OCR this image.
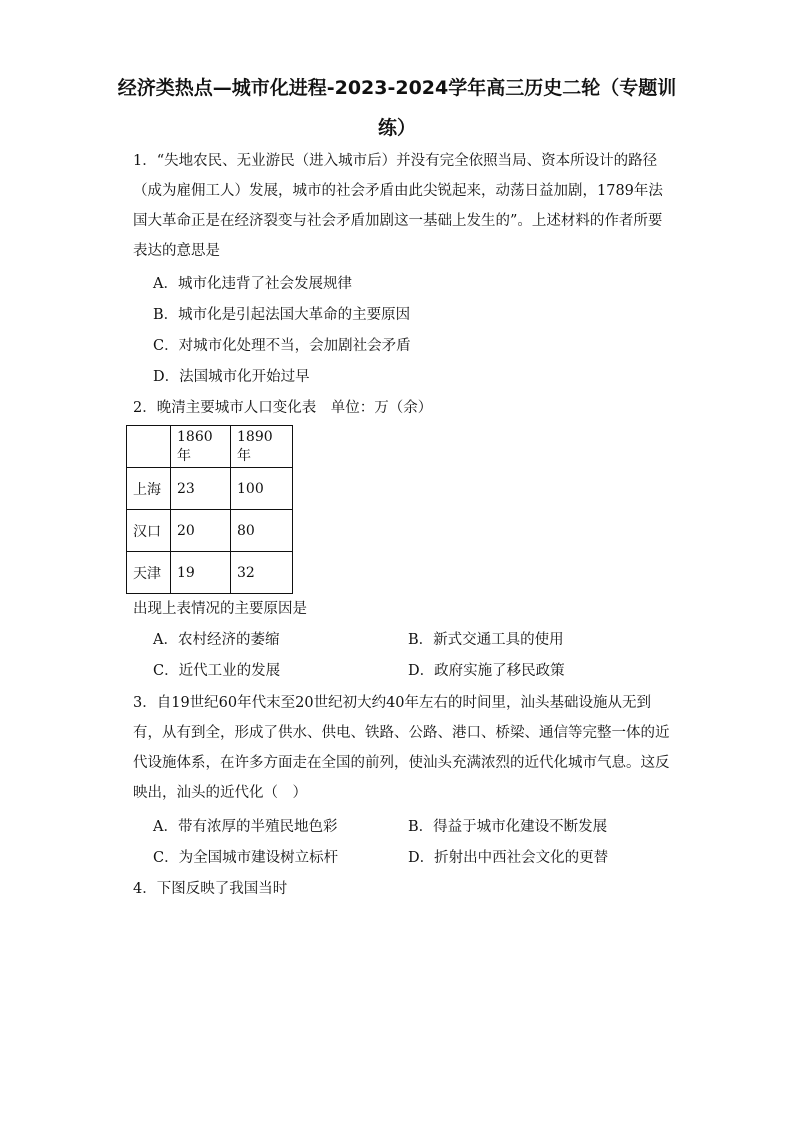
经济类热点—城市化进程-2023-2024学年高三历史二轮（专题训练）
1．“失地农民、无业游民（进入城市后）并没有完全依照当局、资本所设计的路径（成为雇佣工人）发展，城市的社会矛盾由此尖锐起来，动荡日益加剧，1789年法国大革命正是在经济裂变与社会矛盾加剧这一基础上发生的”。上述材料的作者所要表达的意思是
A．城市化违背了社会发展规律
B．城市化是引起法国大革命的主要原因
C．对城市化处理不当，会加剧社会矛盾
D．法国城市化开始过早
2．晚清主要城市人口变化表　单位：万（余）
	1860年	1890年
上海	23	100
汉口	20	80
天津	19	32
出现上表情况的主要原因是
A．农村经济的萎缩	B．新式交通工具的使用
C．近代工业的发展	D．政府实施了移民政策
3．自19世纪60年代末至20世纪初大约40年左右的时间里，汕头基础设施从无到有，从有到全，形成了供水、供电、铁路、公路、港口、桥梁、通信等完整一体的近代设施体系，在许多方面走在全国的前列，使汕头充满浓烈的近代化城市气息。这反映出，汕头的近代化（　）
A．带有浓厚的半殖民地色彩	B．得益于城市化建设不断发展
C．为全国城市建设树立标杆	D．折射出中西社会文化的更替
4．下图反映了我国当时
